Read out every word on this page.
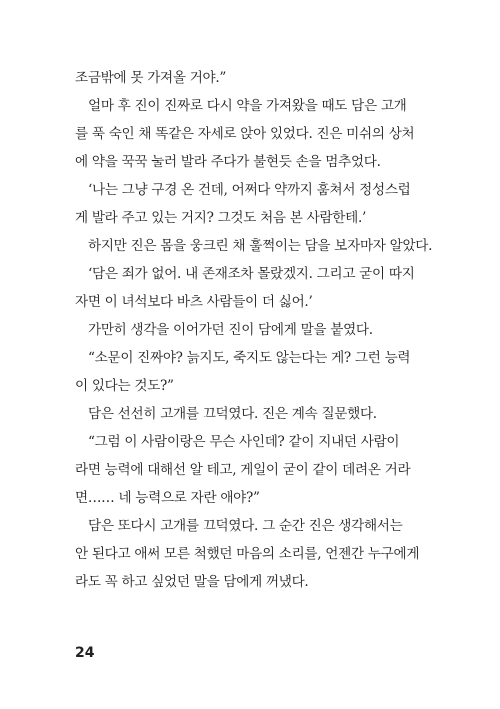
조금밖에 못 가져올 거야.”
얼마 후 진이 진짜로 다시 약을 가져왔을 때도 담은 고개
를 푹 숙인 채 똑같은 자세로 앉아 있었다. 진은 미쉬의 상처
에 약을 꾹꾹 눌러 발라 주다가 불현듯 손을 멈추었다.
‘나는 그냥 구경 온 건데, 어쩌다 약까지 훔쳐서 정성스럽
게 발라 주고 있는 거지? 그것도 처음 본 사람한테.’
하지만 진은 몸을 웅크린 채 훌쩍이는 담을 보자마자 알았다.
‘담은 죄가 없어. 내 존재조차 몰랐겠지. 그리고 굳이 따지
자면 이 녀석보다 바츠 사람들이 더 싫어.’
가만히 생각을 이어가던 진이 담에게 말을 붙였다.
“소문이 진짜야? 늙지도, 죽지도 않는다는 게? 그런 능력
이 있다는 것도?”
담은 선선히 고개를 끄덕였다. 진은 계속 질문했다.
“그럼 이 사람이랑은 무슨 사인데? 같이 지내던 사람이
라면 능력에 대해선 알 테고, 게일이 굳이 같이 데려온 거라
면…… 네 능력으로 자란 애야?”
담은 또다시 고개를 끄덕였다. 그 순간 진은 생각해서는
안 된다고 애써 모른 척했던 마음의 소리를, 언젠간 누구에게
라도 꼭 하고 싶었던 말을 담에게 꺼냈다.
24
